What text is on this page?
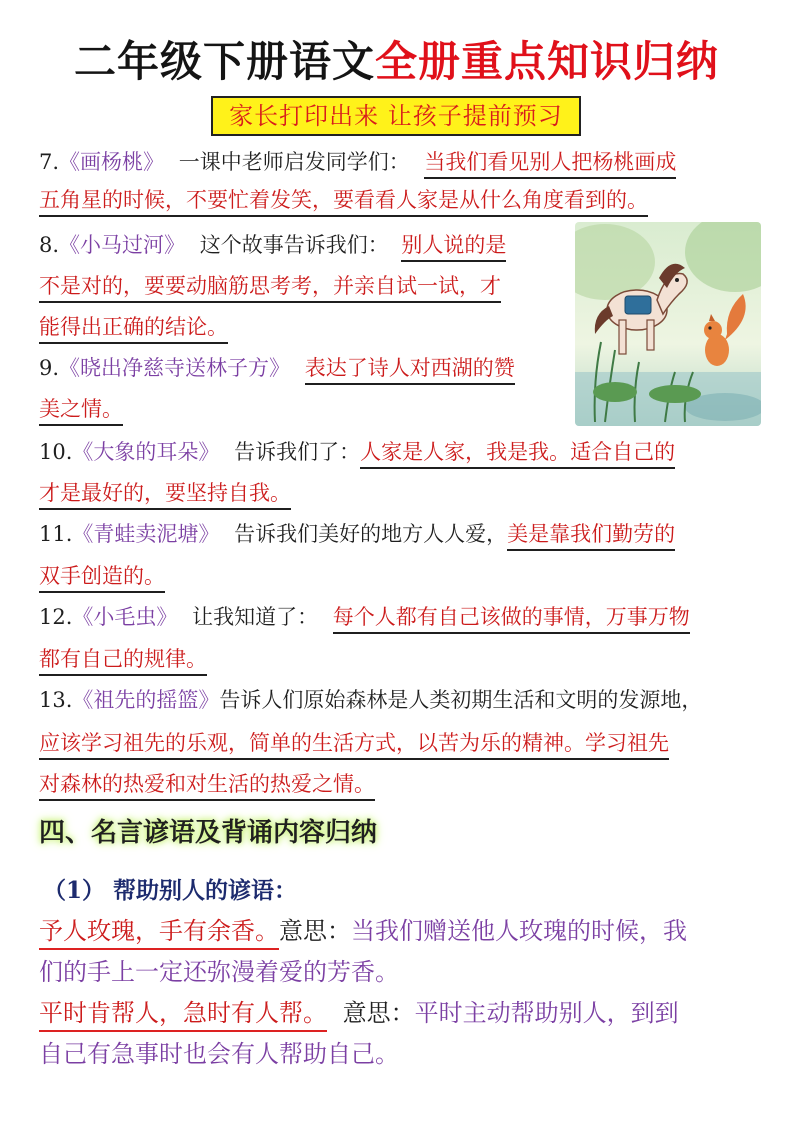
二年级下册语文全册重点知识归纳
家长打印出来 让孩子提前预习
7.《画杨桃》 一课中老师启发同学们： 当我们看见别人把杨桃画成
五角星的时候，不要忙着发笑，要看看人家是从什么角度看到的。
8.《小马过河》 这个故事告诉我们： 别人说的是
不是对的，要要动脑筋思考考，并亲自试一试，才
能得出正确的结论。
9.《晓出净慈寺送林子方》 表达了诗人对西湖的赞
美之情。
10.《大象的耳朵》 告诉我们了：人家是人家，我是我。适合自己的
才是最好的，要坚持自我。
11.《青蛙卖泥塘》 告诉我们美好的地方人人爱，美是靠我们勤劳的
双手创造的。
12.《小毛虫》 让我知道了： 每个人都有自己该做的事情，万事万物
都有自己的规律。
13.《祖先的摇篮》告诉人们原始森林是人类初期生活和文明的发源地，
应该学习祖先的乐观，简单的生活方式，以苦为乐的精神。学习祖先
对森林的热爱和对生活的热爱之情。
四、名言谚语及背诵内容归纳
（1） 帮助别人的谚语：
予人玫瑰，手有余香。意思：当我们赠送他人玫瑰的时候，我
们的手上一定还弥漫着爱的芳香。
平时肯帮人，急时有人帮。 意思：平时主动帮助别人，到到
自己有急事时也会有人帮助自己。
